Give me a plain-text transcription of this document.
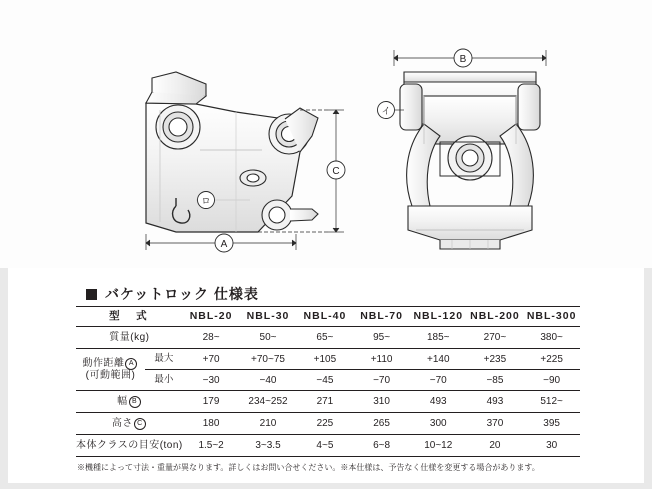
A
C
ロ
B
イ
バケットロック 仕様表
型　式		NBL-20	NBL-30	NBL-40	NBL-70	NBL-120	NBL-200	NBL-300
質量(kg)		28~	50~	65~	95~	185~	270~	380~

動作距離 A
(可動範囲)	最大	+70	+70~75	+105	+110	+140	+235	+225
	最小	−30	−40	−45	−70	−70	−85	−90
幅 B		179	234~252	271	310	493	493	512~
高さ C		180	210	225	265	300	370	395
本体クラスの目安(ton)		1.5~2	3~3.5	4~5	6~8	10~12	20	30
※機種によって寸法・重量が異なります。詳しくはお問い合せください。※本仕様は、予告なく仕様を変更する場合があります。
